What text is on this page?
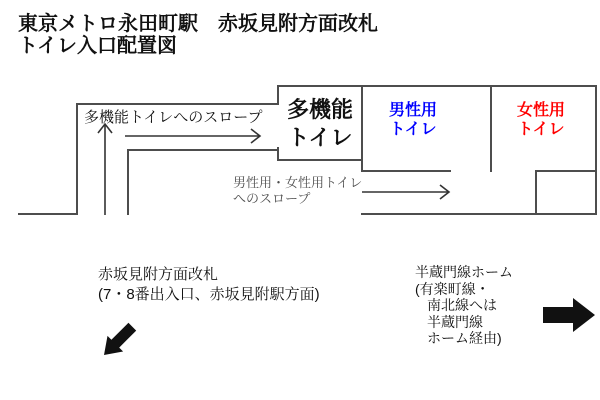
東京メトロ永田町駅　赤坂見附方面改札
トイレ入口配置図
多機能トイレへのスロープ	多機能
トイレ
男性用
トイレ
女性用
トイレ
男性用・女性用トイレ
へのスロープ
赤坂見附方面改札
(7・8番出入口、赤坂見附駅方面)
半蔵門線ホーム
(有楽町線・
南北線へは
半蔵門線
ホーム経由)
